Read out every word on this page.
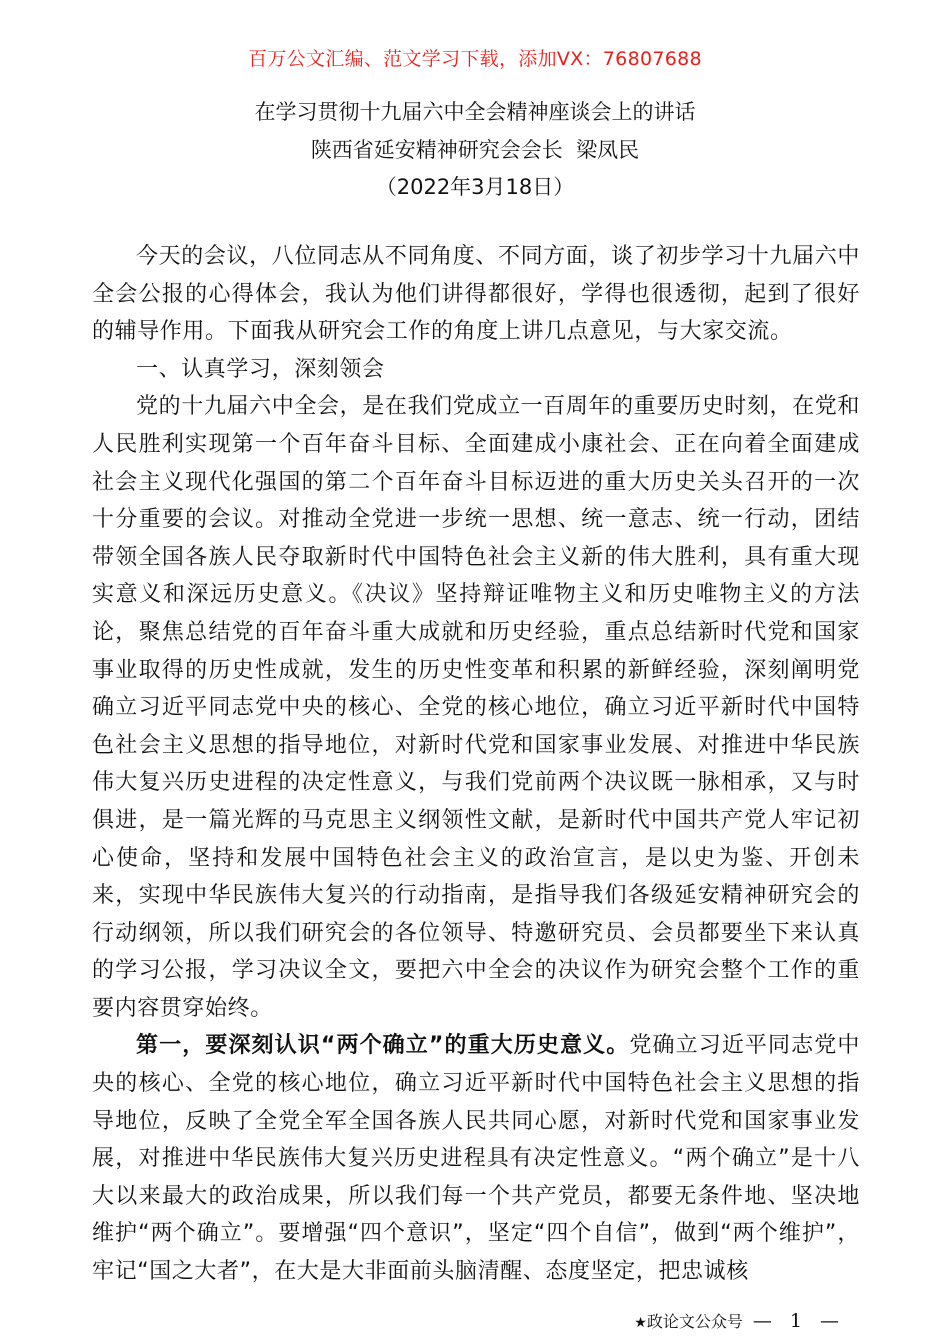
百万公文汇编、范文学习下载，添加VX：76807688
在学习贯彻十九届六中全会精神座谈会上的讲话
陕西省延安精神研究会会长  梁凤民
（2022年3月18日）

今天的会议，八位同志从不同角度、不同方面，谈了初步学习十九届六中全会公报的心得体会，我认为他们讲得都很好，学得也很透彻，起到了很好的辅导作用。下面我从研究会工作的角度上讲几点意见，与大家交流。

一、认真学习，深刻领会

党的十九届六中全会，是在我们党成立一百周年的重要历史时刻，在党和人民胜利实现第一个百年奋斗目标、全面建成小康社会、正在向着全面建成社会主义现代化强国的第二个百年奋斗目标迈进的重大历史关头召开的一次十分重要的会议。对推动全党进一步统一思想、统一意志、统一行动，团结带领全国各族人民夺取新时代中国特色社会主义新的伟大胜利，具有重大现实意义和深远历史意义。《决议》坚持辩证唯物主义和历史唯物主义的方法论，聚焦总结党的百年奋斗重大成就和历史经验，重点总结新时代党和国家事业取得的历史性成就，发生的历史性变革和积累的新鲜经验，深刻阐明党确立习近平同志党中央的核心、全党的核心地位，确立习近平新时代中国特色社会主义思想的指导地位，对新时代党和国家事业发展、对推进中华民族伟大复兴历史进程的决定性意义，与我们党前两个决议既一脉相承，又与时俱进，是一篇光辉的马克思主义纲领性文献，是新时代中国共产党人牢记初心使命，坚持和发展中国特色社会主义的政治宣言，是以史为鉴、开创未来，实现中华民族伟大复兴的行动指南，是指导我们各级延安精神研究会的行动纲领，所以我们研究会的各位领导、特邀研究员、会员都要坐下来认真的学习公报，学习决议全文，要把六中全会的决议作为研究会整个工作的重要内容贯穿始终。

第一，要深刻认识“两个确立”的重大历史意义。党确立习近平同志党中央的核心、全党的核心地位，确立习近平新时代中国特色社会主义思想的指导地位，反映了全党全军全国各族人民共同心愿，对新时代党和国家事业发展，对推进中华民族伟大复兴历史进程具有决定性意义。“两个确立”是十八大以来最大的政治成果，所以我们每一个共产党员，都要无条件地、坚决地维护“两个确立”。要增强“四个意识”，坚定“四个自信”，做到“两个维护”，牢记“国之大者”，在大是大非面前头脑清醒、态度坚定，把忠诚核

★政论文公众号 — 1 —
